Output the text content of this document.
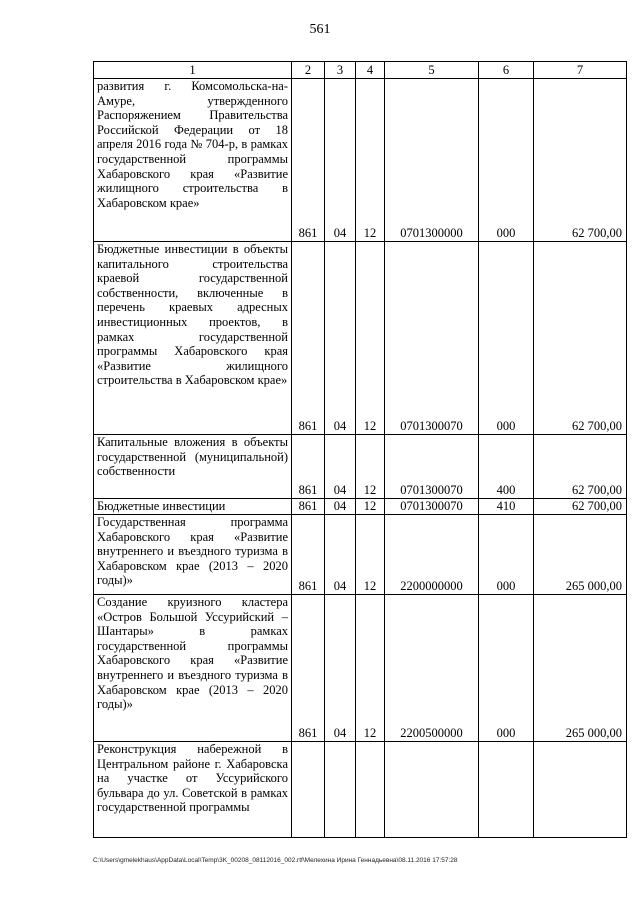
561
1	2	3	4	5	6	7
развития г. Комсомольска-на-Амуре, утвержденного Распоряжением Правительства Российской Федерации от 18 апреля 2016 года № 704-р, в рамках государственной программы Хабаровского края «Развитие жилищного строительства в Хабаровском крае»	861	04	12	0701300000	000	62 700,00
Бюджетные инвестиции в объекты капитального строительства краевой государственной собственности, включенные в перечень краевых адресных инвестиционных проектов, в рамках государственной программы Хабаровского края «Развитие жилищного строительства в Хабаровском крае»	861	04	12	0701300070	000	62 700,00
Капитальные вложения в объекты государственной (муниципальной) собственности	861	04	12	0701300070	400	62 700,00
Бюджетные инвестиции	861	04	12	0701300070	410	62 700,00
Государственная программа Хабаровского края «Развитие внутреннего и въездного туризма в Хабаровском крае (2013 – 2020 годы)»	861	04	12	2200000000	000	265 000,00
Создание круизного кластера «Остров Большой Уссурийский – Шантары» в рамках государственной программы Хабаровского края «Развитие внутреннего и въездного туризма в Хабаровском крае (2013 – 2020 годы)»	861	04	12	2200500000	000	265 000,00
Реконструкция набережной в Центральном районе г. Хабаровска на участке от Уссурийского бульвара до ул. Советской в рамках государственной программы						
C:\Users\gmelekhaus\AppData\Local\Temp\3K_00208_08112016_002.rtf\Мелехина Ирина Геннадьевна\08.11.2016 17:57:28
